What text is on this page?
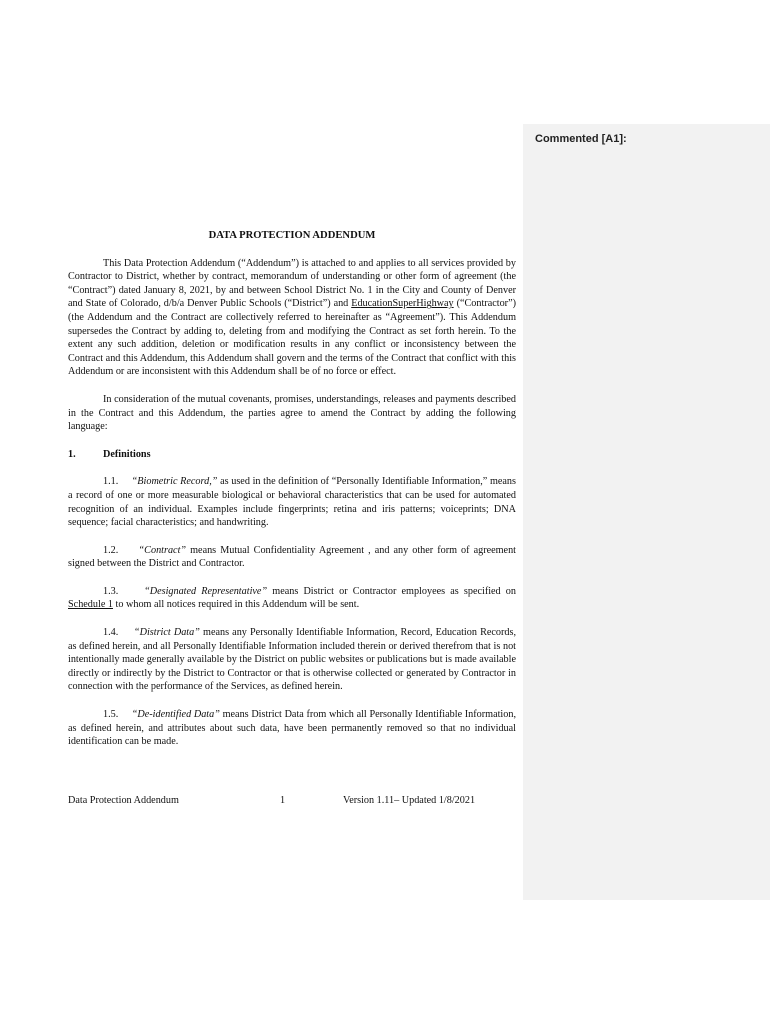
Commented [A1]:
DATA PROTECTION ADDENDUM

This Data Protection Addendum (“Addendum”) is attached to and applies to all services provided by Contractor to District, whether by contract, memorandum of understanding or other form of agreement (the “Contract”) dated January 8, 2021, by and between School District No. 1 in the City and County of Denver and State of Colorado, d/b/a Denver Public Schools (“District”) and EducationSuperHighway (“Contractor”) (the Addendum and the Contract are collectively referred to hereinafter as “Agreement”). This Addendum supersedes the Contract by adding to, deleting from and modifying the Contract as set forth herein. To the extent any such addition, deletion or modification results in any conflict or inconsistency between the Contract and this Addendum, this Addendum shall govern and the terms of the Contract that conflict with this Addendum or are inconsistent with this Addendum shall be of no force or effect.

In consideration of the mutual covenants, promises, understandings, releases and payments described in the Contract and this Addendum, the parties agree to amend the Contract by adding the following language:

1.	Definitions

1.1. “Biometric Record,” as used in the definition of “Personally Identifiable Information,” means a record of one or more measurable biological or behavioral characteristics that can be used for automated recognition of an individual. Examples include fingerprints; retina and iris patterns; voiceprints; DNA sequence; facial characteristics; and handwriting.

1.2. “Contract” means Mutual Confidentiality Agreement , and any other form of agreement signed between the District and Contractor.

1.3.	“Designated Representative” means District or Contractor employees as specified on Schedule 1 to whom all notices required in this Addendum will be sent.

1.4. “District Data” means any Personally Identifiable Information, Record, Education Records, as defined herein, and all Personally Identifiable Information included therein or derived therefrom that is not intentionally made generally available by the District on public websites or publications but is made available directly or indirectly by the District to Contractor or that is otherwise collected or generated by Contractor in connection with the performance of the Services, as defined herein.

1.5. “De-identified Data” means District Data from which all Personally Identifiable Information, as defined herein, and attributes about such data, have been permanently removed so that no individual identification can be made.

Data Protection Addendum	1	Version 1.11– Updated 1/8/2021
